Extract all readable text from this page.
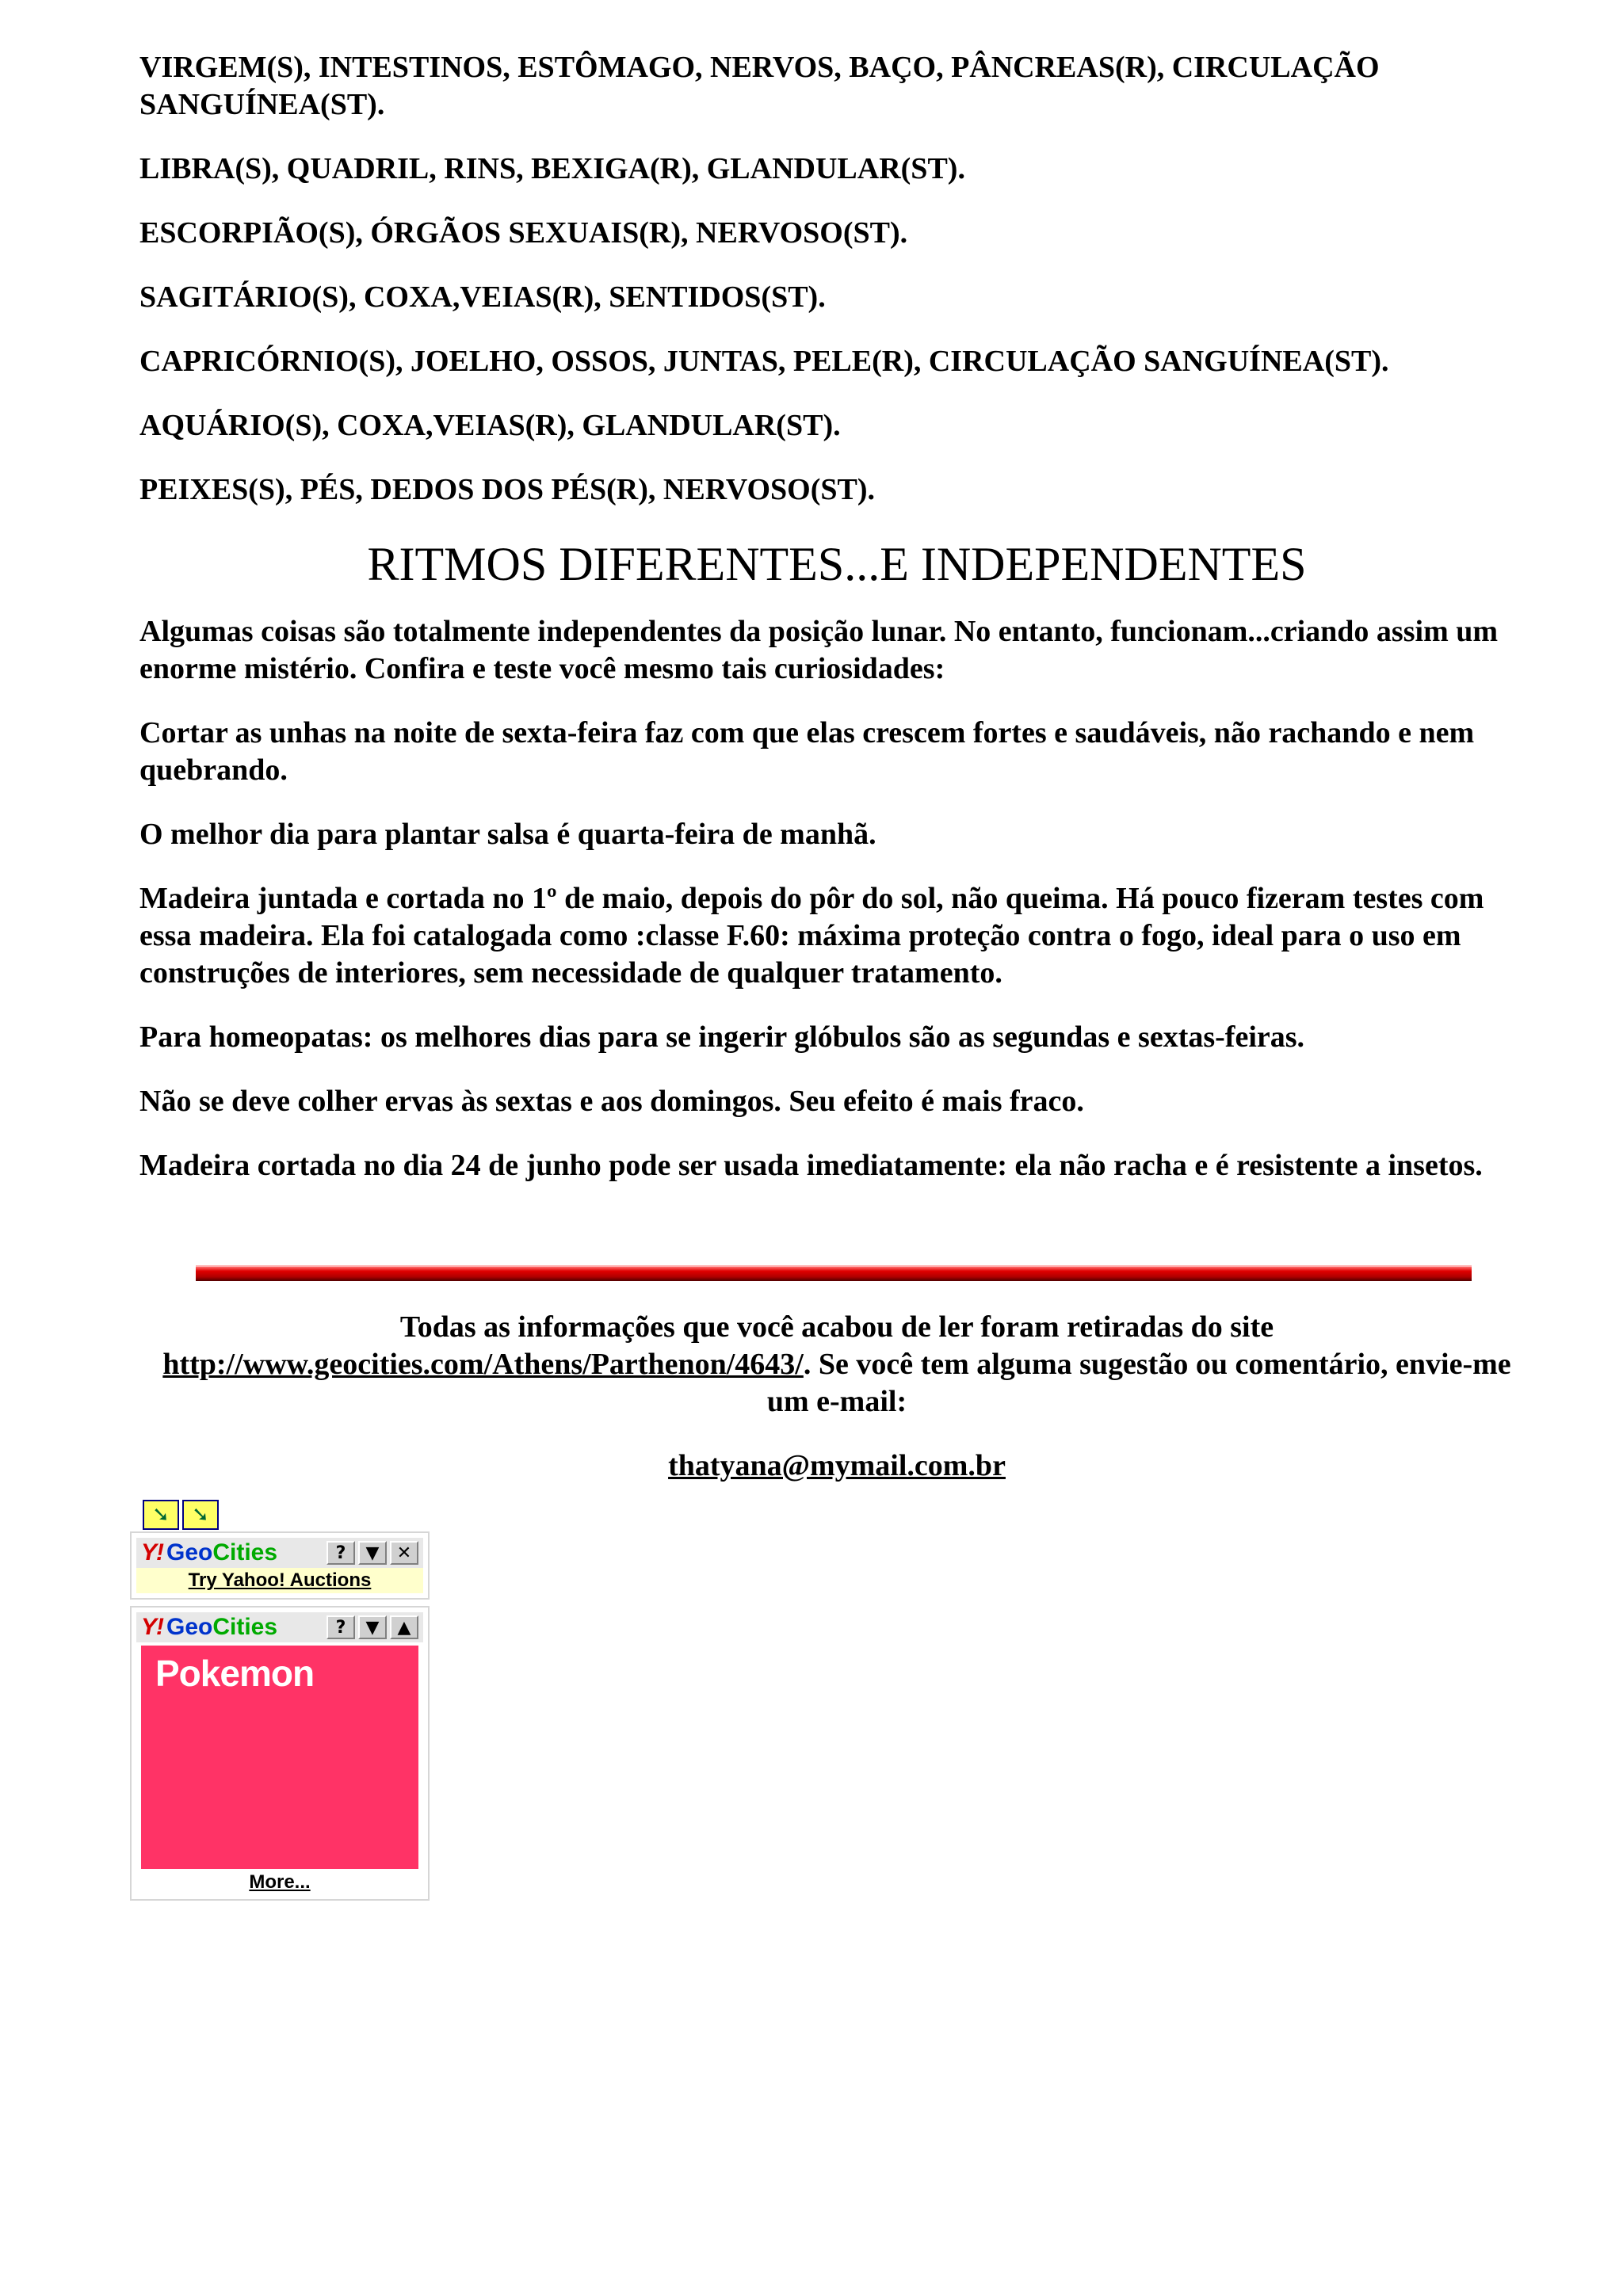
VIRGEM(S), INTESTINOS, ESTÔMAGO, NERVOS, BAÇO, PÂNCREAS(R), CIRCULAÇÃO SANGUÍNEA(ST).

LIBRA(S), QUADRIL, RINS, BEXIGA(R), GLANDULAR(ST).

ESCORPIÃO(S), ÓRGÃOS SEXUAIS(R), NERVOSO(ST).

SAGITÁRIO(S), COXA,VEIAS(R), SENTIDOS(ST).

CAPRICÓRNIO(S), JOELHO, OSSOS, JUNTAS, PELE(R), CIRCULAÇÃO SANGUÍNEA(ST).

AQUÁRIO(S), COXA,VEIAS(R), GLANDULAR(ST).

PEIXES(S), PÉS, DEDOS DOS PÉS(R), NERVOSO(ST).

RITMOS DIFERENTES...E INDEPENDENTES

Algumas coisas são totalmente independentes da posição lunar. No entanto, funcionam...criando assim um enorme mistério. Confira e teste você mesmo tais curiosidades:

Cortar as unhas na noite de sexta-feira faz com que elas crescem fortes e saudáveis, não rachando e nem quebrando.

O melhor dia para plantar salsa é quarta-feira de manhã.

Madeira juntada e cortada no 1º de maio, depois do pôr do sol, não queima. Há pouco fizeram testes com essa madeira. Ela foi catalogada como :classe F.60: máxima proteção contra o fogo, ideal para o uso em construções de interiores, sem necessidade de qualquer tratamento.

Para homeopatas: os melhores dias para se ingerir glóbulos são as segundas e sextas-feiras.

Não se deve colher ervas às sextas e aos domingos. Seu efeito é mais fraco.

Madeira cortada no dia 24 de junho pode ser usada imediatamente: ela não racha e é resistente a insetos.

Todas as informações que você acabou de ler foram retiradas do site
http://www.geocities.com/Athens/Parthenon/4643/. Se você tem alguma sugestão ou comentário, envie-me um e-mail:
thatyana@mymail.com.br
➘	➘
Y! GeoCities	?	▼	✕
Try Yahoo! Auctions
Y! GeoCities	?	▼	▲
Pokemon
More...
